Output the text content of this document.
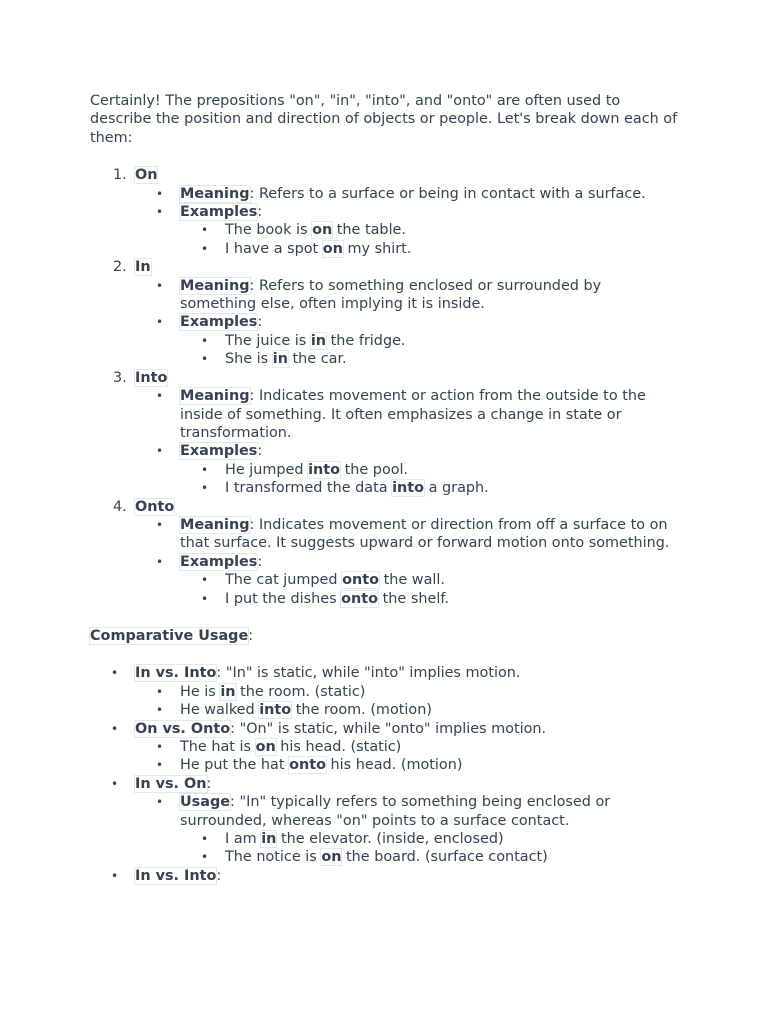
Certainly! The prepositions "on", "in", "into", and "onto" are often used to describe the position and direction of objects or people. Let's break down each of them:

1. On
• Meaning: Refers to a surface or being in contact with a surface.
• Examples:
• The book is on the table.
• I have a spot on my shirt.
2. In
• Meaning: Refers to something enclosed or surrounded by something else, often implying it is inside.
• Examples:
• The juice is in the fridge.
• She is in the car.
3. Into
• Meaning: Indicates movement or action from the outside to the inside of something. It often emphasizes a change in state or transformation.
• Examples:
• He jumped into the pool.
• I transformed the data into a graph.
4. Onto
• Meaning: Indicates movement or direction from off a surface to on that surface. It suggests upward or forward motion onto something.
• Examples:
• The cat jumped onto the wall.
• I put the dishes onto the shelf.

Comparative Usage:

• In vs. Into: "In" is static, while "into" implies motion.
• He is in the room. (static)
• He walked into the room. (motion)
• On vs. Onto: "On" is static, while "onto" implies motion.
• The hat is on his head. (static)
• He put the hat onto his head. (motion)
• In vs. On:
• Usage: "In" typically refers to something being enclosed or surrounded, whereas "on" points to a surface contact.
• I am in the elevator. (inside, enclosed)
• The notice is on the board. (surface contact)
• In vs. Into:
